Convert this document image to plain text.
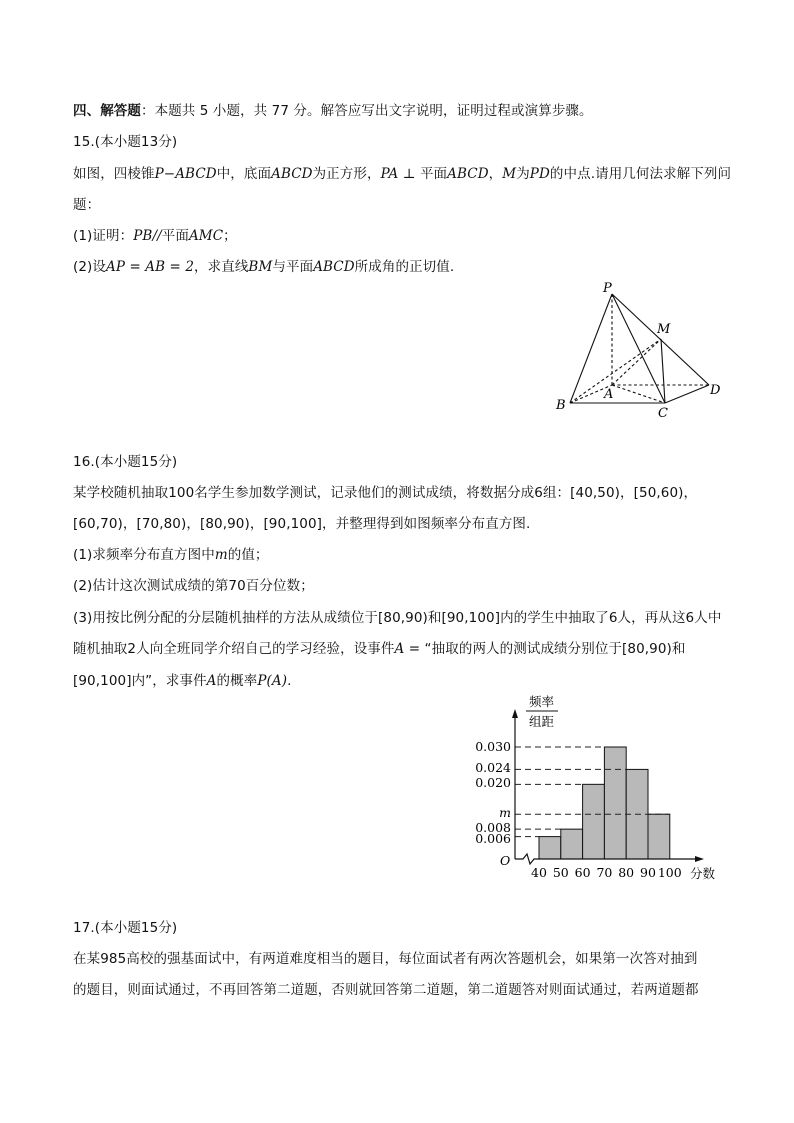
四、解答题：本题共 5 小题，共 77 分。解答应写出文字说明，证明过程或演算步骤。
15.(本小题13分)
如图，四棱锥P−ABCD中，底面ABCD为正方形，PA ⊥ 平面ABCD，M为PD的中点.请用几何法求解下列问
题：
(1)证明：PB//平面AMC；
(2)设AP = AB = 2，求直线BM与平面ABCD所成角的正切值.
P
M
A
B
C
D
16.(本小题15分)
某学校随机抽取100名学生参加数学测试，记录他们的测试成绩，将数据分成6组：[40,50)，[50,60)，
[60,70)，[70,80)，[80,90)，[90,100]，并整理得到如图频率分布直方图.
(1)求频率分布直方图中m的值；
(2)估计这次测试成绩的第70百分位数；
(3)用按比例分配的分层随机抽样的方法从成绩位于[80,90)和[90,100]内的学生中抽取了6人，再从这6人中
随机抽取2人向全班同学介绍自己的学习经验，设事件A = “抽取的两人的测试成绩分别位于[80,90)和
[90,100]内”，求事件A的概率P(A).
频率
组距
分数
O
0.030
0.024
0.020
m
0.008
0.006
40 50 60 70 80 90 100
17.(本小题15分)
在某985高校的强基面试中，有两道难度相当的题目，每位面试者有两次答题机会，如果第一次答对抽到
的题目，则面试通过，不再回答第二道题，否则就回答第二道题，第二道题答对则面试通过，若两道题都
